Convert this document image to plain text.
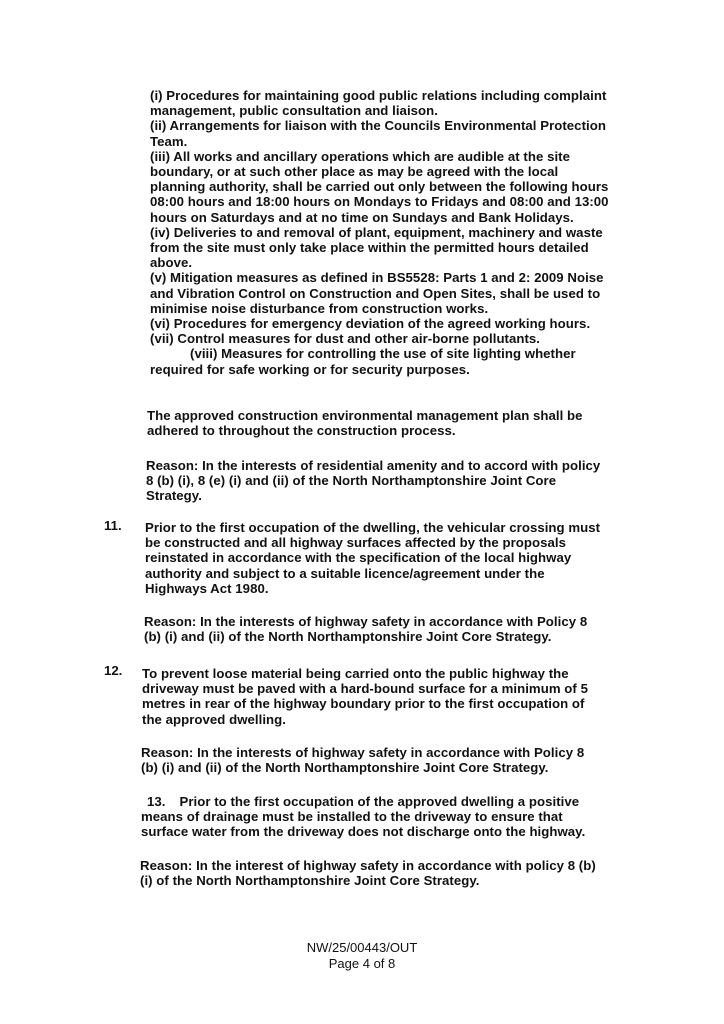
(i) Procedures for maintaining good public relations including complaint
management, public consultation and liaison.
(ii) Arrangements for liaison with the Councils Environmental Protection
Team.
(iii) All works and ancillary operations which are audible at the site
boundary, or at such other place as may be agreed with the local
planning authority, shall be carried out only between the following hours
08:00 hours and 18:00 hours on Mondays to Fridays and 08:00 and 13:00
hours on Saturdays and at no time on Sundays and Bank Holidays.
(iv) Deliveries to and removal of plant, equipment, machinery and waste
from the site must only take place within the permitted hours detailed
above.
(v) Mitigation measures as defined in BS5528: Parts 1 and 2: 2009 Noise
and Vibration Control on Construction and Open Sites, shall be used to
minimise noise disturbance from construction works.
(vi) Procedures for emergency deviation of the agreed working hours.
(vii) Control measures for dust and other air-borne pollutants.
(viii) Measures for controlling the use of site lighting whether
required for safe working or for security purposes.
The approved construction environmental management plan shall be
adhered to throughout the construction process.
Reason: In the interests of residential amenity and to accord with policy
8 (b) (i), 8 (e) (i) and (ii) of the North Northamptonshire Joint Core
Strategy.
11. Prior to the first occupation of the dwelling, the vehicular crossing must
be constructed and all highway surfaces affected by the proposals
reinstated in accordance with the specification of the local highway
authority and subject to a suitable licence/agreement under the
Highways Act 1980.
Reason: In the interests of highway safety in accordance with Policy 8
(b) (i) and (ii) of the North Northamptonshire Joint Core Strategy.
12. To prevent loose material being carried onto the public highway the
driveway must be paved with a hard-bound surface for a minimum of 5
metres in rear of the highway boundary prior to the first occupation of
the approved dwelling.
Reason: In the interests of highway safety in accordance with Policy 8
(b) (i) and (ii) of the North Northamptonshire Joint Core Strategy.
13. Prior to the first occupation of the approved dwelling a positive
means of drainage must be installed to the driveway to ensure that
surface water from the driveway does not discharge onto the highway.
Reason: In the interest of highway safety in accordance with policy 8 (b)
(i) of the North Northamptonshire Joint Core Strategy.
NW/25/00443/OUT
Page 4 of 8
